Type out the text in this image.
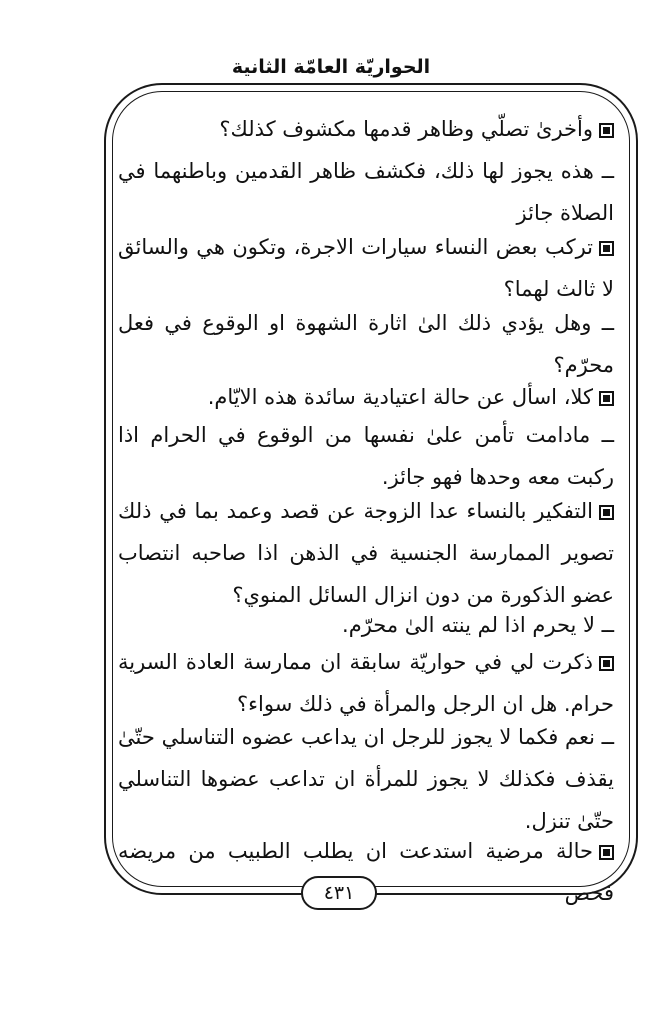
الحواريّة العامّة الثانية

وأخرىٰ تصلّي وظاهر قدمها مكشوف كذلك؟

ــ هذه يجوز لها ذلك، فكشف ظاهر القدمين وباطنهما في الصلاة جائز

تركب بعض النساء سيارات الاجرة، وتكون هي والسائق لا ثالث لهما؟

ــ وهل يؤدي ذلك الىٰ اثارة الشهوة او الوقوع في فعل محرّم؟

كلا، اسأل عن حالة اعتيادية سائدة هذه الايّام.

ــ مادامت تأمن علىٰ نفسها من الوقوع في الحرام اذا ركبت معه وحدها فهو جائز.

التفكير بالنساء عدا الزوجة عن قصد وعمد بما في ذلك تصوير الممارسة الجنسية في الذهن اذا صاحبه انتصاب عضو الذكورة من دون انزال السائل المنوي؟

ــ لا يحرم اذا لم ينته الىٰ محرّم.

ذكرت لي في حواريّة سابقة ان ممارسة العادة السرية حرام. هل ان الرجل والمرأة في ذلك سواء؟

ــ نعم فكما لا يجوز للرجل ان يداعب عضوه التناسلي حتّىٰ يقذف فكذلك لا يجوز للمرأة ان تداعب عضوها التناسلي حتّىٰ تنزل.

حالة مرضية استدعت ان يطلب الطبيب من مريضه فحص

٤٣١
